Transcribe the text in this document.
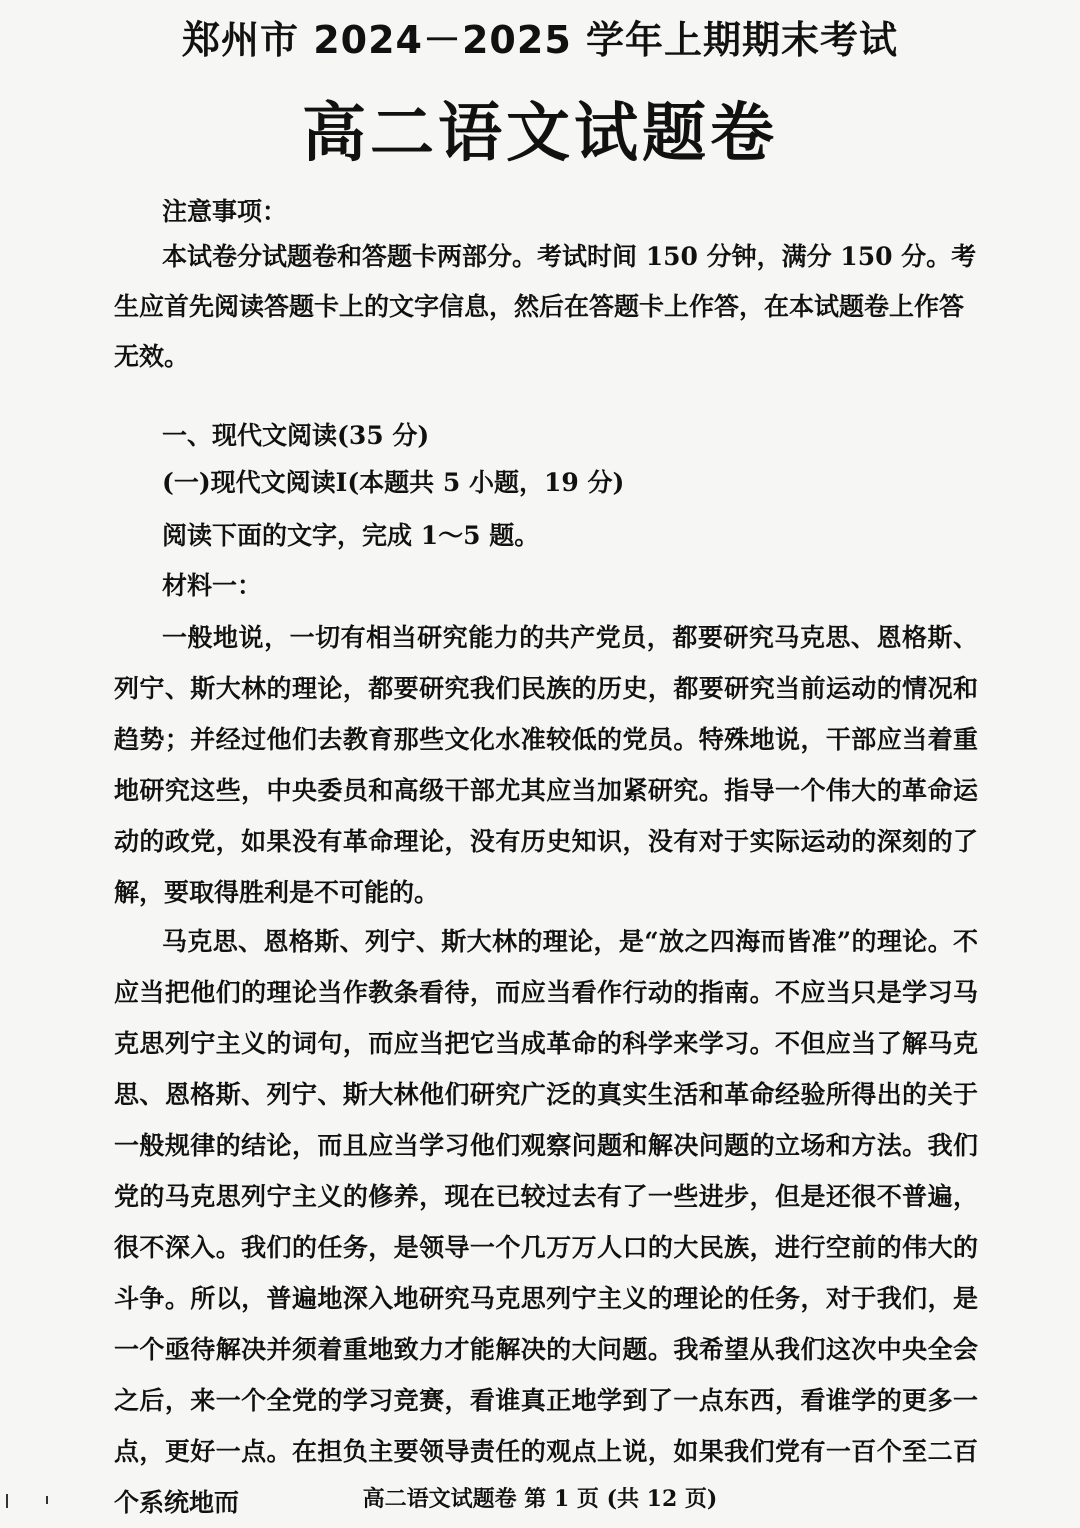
郑州市 2024－2025 学年上期期末考试
高二语文试题卷
注意事项：
本试卷分试题卷和答题卡两部分。考试时间 150 分钟，满分 150 分。考生应首先阅读答题卡上的文字信息，然后在答题卡上作答，在本试题卷上作答无效。
一、现代文阅读(35 分)
(一)现代文阅读Ⅰ(本题共 5 小题，19 分)
阅读下面的文字，完成 1～5 题。
材料一：
一般地说，一切有相当研究能力的共产党员，都要研究马克思、恩格斯、列宁、斯大林的理论，都要研究我们民族的历史，都要研究当前运动的情况和趋势；并经过他们去教育那些文化水准较低的党员。特殊地说，干部应当着重地研究这些，中央委员和高级干部尤其应当加紧研究。指导一个伟大的革命运动的政党，如果没有革命理论，没有历史知识，没有对于实际运动的深刻的了解，要取得胜利是不可能的。
马克思、恩格斯、列宁、斯大林的理论，是“放之四海而皆准”的理论。不应当把他们的理论当作教条看待，而应当看作行动的指南。不应当只是学习马克思列宁主义的词句，而应当把它当成革命的科学来学习。不但应当了解马克思、恩格斯、列宁、斯大林他们研究广泛的真实生活和革命经验所得出的关于一般规律的结论，而且应当学习他们观察问题和解决问题的立场和方法。我们党的马克思列宁主义的修养，现在已较过去有了一些进步，但是还很不普遍，很不深入。我们的任务，是领导一个几万万人口的大民族，进行空前的伟大的斗争。所以，普遍地深入地研究马克思列宁主义的理论的任务，对于我们，是一个亟待解决并须着重地致力才能解决的大问题。我希望从我们这次中央全会之后，来一个全党的学习竞赛，看谁真正地学到了一点东西，看谁学的更多一点，更好一点。在担负主要领导责任的观点上说，如果我们党有一百个至二百个系统地而	高二语文试题卷 第 1 页 (共 12 页)
